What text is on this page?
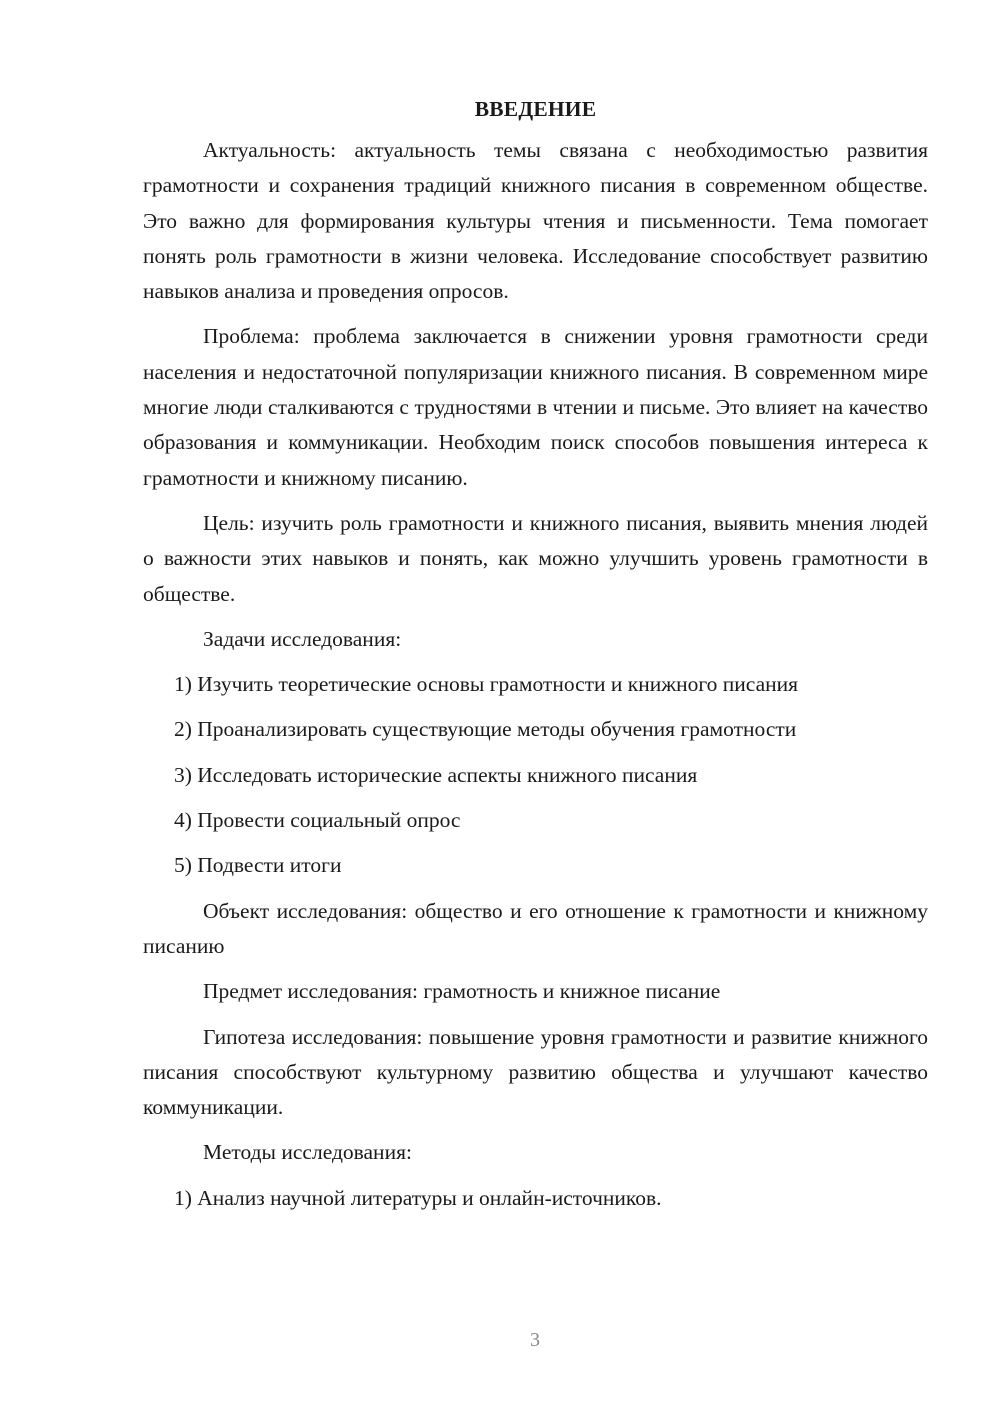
ВВЕДЕНИЕ

Актуальность: актуальность темы связана с необходимостью развития грамотности и сохранения традиций книжного писания в современном обществе. Это важно для формирования культуры чтения и письменности. Тема помогает понять роль грамотности в жизни человека. Исследование способствует развитию навыков анализа и проведения опросов.

Проблема: проблема заключается в снижении уровня грамотности среди населения и недостаточной популяризации книжного писания. В современном мире многие люди сталкиваются с трудностями в чтении и письме. Это влияет на качество образования и коммуникации. Необходим поиск способов повышения интереса к грамотности и книжному писанию.

Цель: изучить роль грамотности и книжного писания, выявить мнения людей о важности этих навыков и понять, как можно улучшить уровень грамотности в обществе.

Задачи исследования:

1) Изучить теоретические основы грамотности и книжного писания

2) Проанализировать существующие методы обучения грамотности

3) Исследовать исторические аспекты книжного писания

4) Провести социальный опрос

5) Подвести итоги

Объект исследования: общество и его отношение к грамотности и книжному писанию

Предмет исследования: грамотность и книжное писание

Гипотеза исследования: повышение уровня грамотности и развитие книжного писания способствуют культурному развитию общества и улучшают качество коммуникации.

Методы исследования:

1) Анализ научной литературы и онлайн-источников.

3
